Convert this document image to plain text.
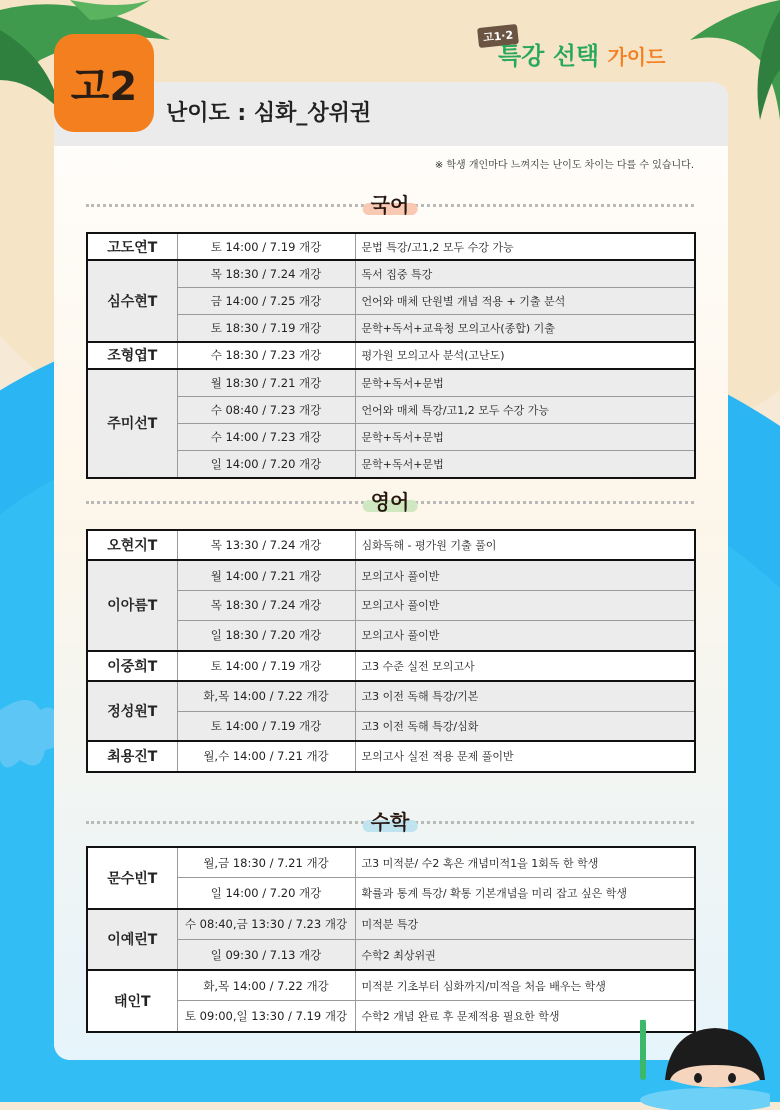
고2
난이도 : 심화_상위권
고1·2
특강 선택 가이드
※ 학생 개인마다 느껴지는 난이도 차이는 다를 수 있습니다.
국어
고도연T	토 14:00 / 7.19 개강	문법 특강/고1,2 모두 수강 가능
심수현T	목 18:30 / 7.24 개강	독서 집중 특강
	금 14:00 / 7.25 개강	언어와 매체 단원별 개념 적용 + 기출 분석
	토 18:30 / 7.19 개강	문학+독서+교육청 모의고사(종합) 기출
조형엽T	수 18:30 / 7.23 개강	평가원 모의고사 분석(고난도)
주미선T	월 18:30 / 7.21 개강	문학+독서+문법
	수 08:40 / 7.23 개강	언어와 매체 특강/고1,2 모두 수강 가능
	수 14:00 / 7.23 개강	문학+독서+문법
	일 14:00 / 7.20 개강	문학+독서+문법
영어
오현지T	목 13:30 / 7.24 개강	심화독해 - 평가원 기출 풀이
이아름T	월 14:00 / 7.21 개강	모의고사 풀이반
	목 18:30 / 7.24 개강	모의고사 풀이반
	일 18:30 / 7.20 개강	모의고사 풀이반
이중희T	토 14:00 / 7.19 개강	고3 수준 실전 모의고사
정성원T	화,목 14:00 / 7.22 개강	고3 이전 독해 특강/기본
	토 14:00 / 7.19 개강	고3 이전 독해 특강/심화
최용진T	월,수 14:00 / 7.21 개강	모의고사 실전 적용 문제 풀이반
수학
문수빈T	월,금 18:30 / 7.21 개강	고3 미적분/ 수2 혹은 개념미적1을 1회독 한 학생
	일 14:00 / 7.20 개강	확률과 통계 특강/ 확통 기본개념을 미리 잡고 싶은 학생
이예린T	수 08:40,금 13:30 / 7.23 개강	미적분 특강
	일 09:30 / 7.13 개강	수학2 최상위권
태인T	화,목 14:00 / 7.22 개강	미적분 기초부터 심화까지/미적을 처음 배우는 학생
	토 09:00,일 13:30 / 7.19 개강	수학2 개념 완료 후 문제적용 필요한 학생
